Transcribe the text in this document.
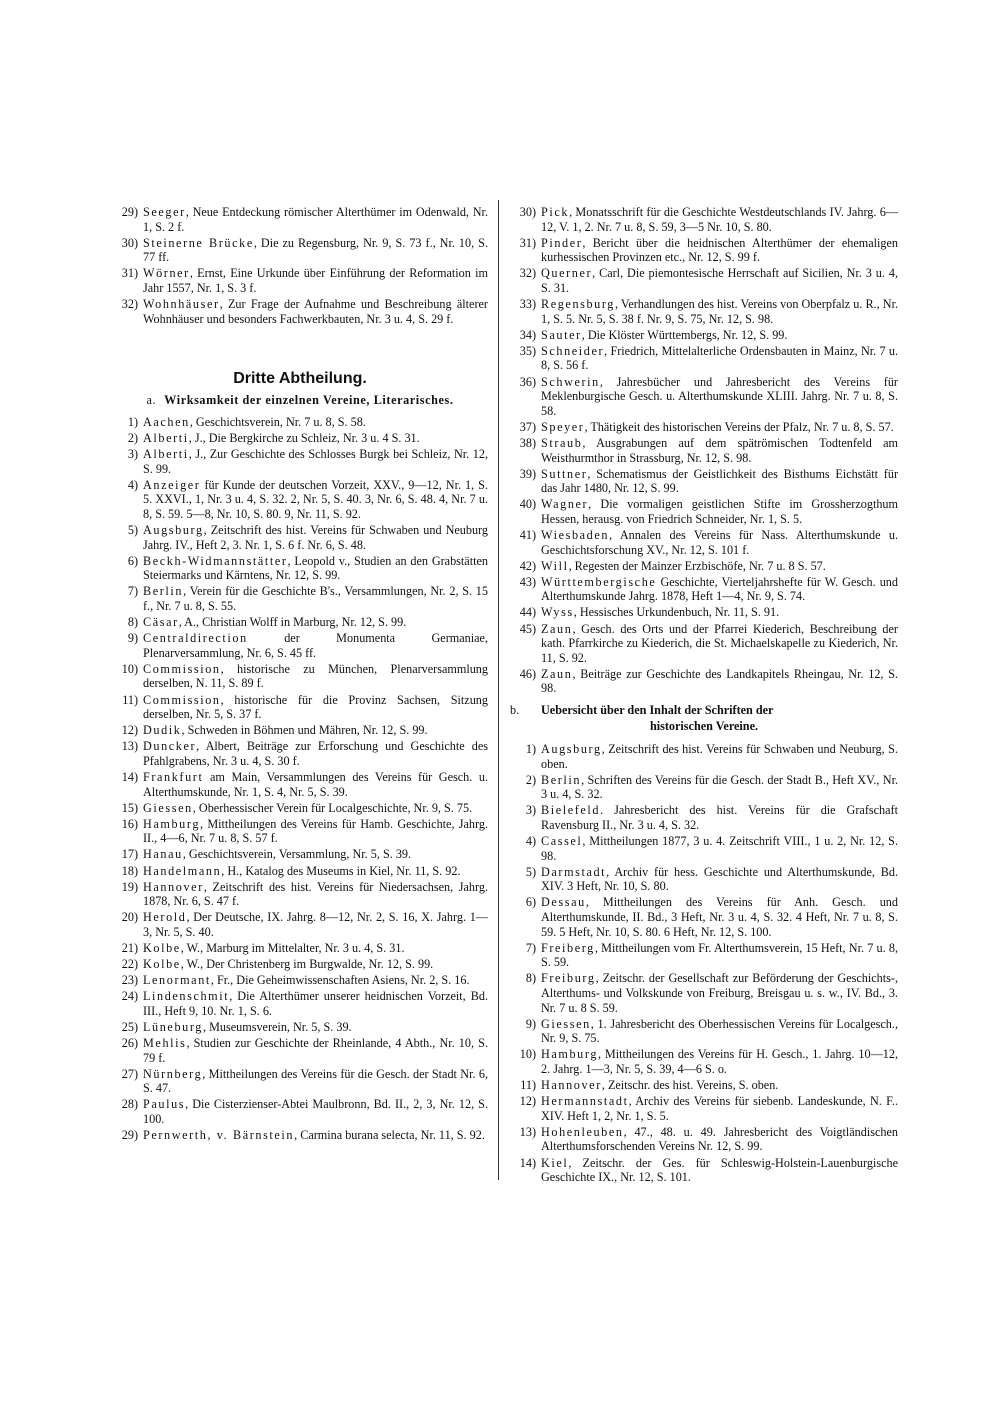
29) Seeger, Neue Entdeckung römischer Alterthümer im Odenwald, Nr. 1, S. 2 f.
30) Steinerne Brücke, Die zu Regensburg, Nr. 9, S. 73 f., Nr. 10, S. 77 ff.
31) Wörner, Ernst, Eine Urkunde über Einführung der Reformation im Jahr 1557, Nr. 1, S. 3 f.
32) Wohnhäuser, Zur Frage der Aufnahme und Beschreibung älterer Wohnhäuser und besonders Fachwerkbauten, Nr. 3 u. 4, S. 29 f.
Dritte Abtheilung.
a. Wirksamkeit der einzelnen Vereine, Literarisches.
1) Aachen, Geschichtsverein, Nr. 7 u. 8, S. 58.
2) Alberti, J., Die Bergkirche zu Schleiz, Nr. 3 u. 4 S. 31.
3) Alberti, J., Zur Geschichte des Schlosses Burgk bei Schleiz, Nr. 12, S. 99.
4) Anzeiger für Kunde der deutschen Vorzeit, XXV., 9—12, Nr. 1, S. 5. XXVI., 1, Nr. 3 u. 4, S. 32. 2, Nr. 5, S. 40. 3, Nr. 6, S. 48. 4, Nr. 7 u. 8, S. 59. 5—8, Nr. 10, S. 80. 9, Nr. 11, S. 92.
5) Augsburg, Zeitschrift des hist. Vereins für Schwaben und Neuburg Jahrg. IV., Heft 2, 3. Nr. 1, S. 6 f. Nr. 6, S. 48.
6) Beckh-Widmannstätter, Leopold v., Studien an den Grabstätten Steiermarks und Kärntens, Nr. 12, S. 99.
7) Berlin, Verein für die Geschichte B's., Versammlungen, Nr. 2, S. 15 f., Nr. 7 u. 8, S. 55.
8) Cäsar, A., Christian Wolff in Marburg, Nr. 12, S. 99.
9) Centraldirection der Monumenta Germaniae, Plenarversammlung, Nr. 6, S. 45 ff.
10) Commission, historische zu München, Plenarversammlung derselben, N. 11, S. 89 f.
11) Commission, historische für die Provinz Sachsen, Sitzung derselben, Nr. 5, S. 37 f.
12) Dudik, Schweden in Böhmen und Mähren, Nr. 12, S. 99.
13) Duncker, Albert, Beiträge zur Erforschung und Geschichte des Pfahlgrabens, Nr. 3 u. 4, S. 30 f.
14) Frankfurt am Main, Versammlungen des Vereins für Gesch. u. Alterthumskunde, Nr. 1, S. 4, Nr. 5, S. 39.
15) Giessen, Oberhessischer Verein für Localgeschichte, Nr. 9, S. 75.
16) Hamburg, Mittheilungen des Vereins für Hamb. Geschichte, Jahrg. II., 4—6, Nr. 7 u. 8, S. 57 f.
17) Hanau, Geschichtsverein, Versammlung, Nr. 5, S. 39.
18) Handelmann, H., Katalog des Museums in Kiel, Nr. 11, S. 92.
19) Hannover, Zeitschrift des hist. Vereins für Niedersachsen, Jahrg. 1878, Nr. 6, S. 47 f.
20) Herold, Der Deutsche, IX. Jahrg. 8—12, Nr. 2, S. 16, X. Jahrg. 1—3, Nr. 5, S. 40.
21) Kolbe, W., Marburg im Mittelalter, Nr. 3 u. 4, S. 31.
22) Kolbe, W., Der Christenberg im Burgwalde, Nr. 12, S. 99.
23) Lenormant, Fr., Die Geheimwissenschaften Asiens, Nr. 2, S. 16.
24) Lindenschmit, Die Alterthümer unserer heidnischen Vorzeit, Bd. III., Heft 9, 10. Nr. 1, S. 6.
25) Lüneburg, Museumsverein, Nr. 5, S. 39.
26) Mehlis, Studien zur Geschichte der Rheinlande, 4 Abth., Nr. 10, S. 79 f.
27) Nürnberg, Mittheilungen des Vereins für die Gesch. der Stadt Nr. 6, S. 47.
28) Paulus, Die Cisterzienser-Abtei Maulbronn, Bd. II., 2, 3, Nr. 12, S. 100.
29) Pernwerth, v. Bärnstein, Carmina burana selecta, Nr. 11, S. 92.
30) Pick, Monatsschrift für die Geschichte Westdeutschlands IV. Jahrg. 6—12, V. 1, 2. Nr. 7 u. 8, S. 59, 3—5 Nr. 10, S. 80.
31) Pinder, Bericht über die heidnischen Alterthümer der ehemaligen kurhessischen Provinzen etc., Nr. 12, S. 99 f.
32) Querner, Carl, Die piemontesische Herrschaft auf Sicilien, Nr. 3 u. 4, S. 31.
33) Regensburg, Verhandlungen des hist. Vereins von Oberpfalz u. R., Nr. 1, S. 5. Nr. 5, S. 38 f. Nr. 9, S. 75, Nr. 12, S. 98.
34) Sauter, Die Klöster Württembergs, Nr. 12, S. 99.
35) Schneider, Friedrich, Mittelalterliche Ordensbauten in Mainz, Nr. 7 u. 8, S. 56 f.
36) Schwerin, Jahresbücher und Jahresbericht des Vereins für Meklenburgische Gesch. u. Alterthumskunde XLIII. Jahrg. Nr. 7 u. 8, S. 58.
37) Speyer, Thätigkeit des historischen Vereins der Pfalz, Nr. 7 u. 8, S. 57.
38) Straub, Ausgrabungen auf dem spätrömischen Todtenfeld am Weisthurmthor in Strassburg, Nr. 12, S. 98.
39) Suttner, Schematismus der Geistlichkeit des Bisthums Eichstätt für das Jahr 1480, Nr. 12, S. 99.
40) Wagner, Die vormaligen geistlichen Stifte im Grossherzogthum Hessen, herausg. von Friedrich Schneider, Nr. 1, S. 5.
41) Wiesbaden, Annalen des Vereins für Nass. Alterthumskunde u. Geschichtsforschung XV., Nr. 12, S. 101 f.
42) Will, Regesten der Mainzer Erzbischöfe, Nr. 7 u. 8 S. 57.
43) Württembergische Geschichte, Vierteljahrshefte für W. Gesch. und Alterthumskunde Jahrg. 1878, Heft 1—4, Nr. 9, S. 74.
44) Wyss, Hessisches Urkundenbuch, Nr. 11, S. 91.
45) Zaun, Gesch. des Orts und der Pfarrei Kiederich, Beschreibung der kath. Pfarrkirche zu Kiederich, die St. Michaelskapelle zu Kiederich, Nr. 11, S. 92.
46) Zaun, Beiträge zur Geschichte des Landkapitels Rheingau, Nr. 12, S. 98.
b.	Uebersicht über den Inhalt der Schriften der
historischen Vereine.
1) Augsburg, Zeitschrift des hist. Vereins für Schwaben und Neuburg, S. oben.
2) Berlin, Schriften des Vereins für die Gesch. der Stadt B., Heft XV., Nr. 3 u. 4, S. 32.
3) Bielefeld. Jahresbericht des hist. Vereins für die Grafschaft Ravensburg II., Nr. 3 u. 4, S. 32.
4) Cassel, Mittheilungen 1877, 3 u. 4. Zeitschrift VIII., 1 u. 2, Nr. 12, S. 98.
5) Darmstadt, Archiv für hess. Geschichte und Alterthumskunde, Bd. XIV. 3 Heft, Nr. 10, S. 80.
6) Dessau, Mittheilungen des Vereins für Anh. Gesch. und Alterthumskunde, II. Bd., 3 Heft, Nr. 3 u. 4, S. 32. 4 Heft, Nr. 7 u. 8, S. 59. 5 Heft, Nr. 10, S. 80. 6 Heft, Nr. 12, S. 100.
7) Freiberg, Mittheilungen vom Fr. Alterthumsverein, 15 Heft, Nr. 7 u. 8, S. 59.
8) Freiburg, Zeitschr. der Gesellschaft zur Beförderung der Geschichts-, Alterthums- und Volkskunde von Freiburg, Breisgau u. s. w., IV. Bd., 3. Nr. 7 u. 8 S. 59.
9) Giessen, 1. Jahresbericht des Oberhessischen Vereins für Localgesch., Nr. 9, S. 75.
10) Hamburg, Mittheilungen des Vereins für H. Gesch., 1. Jahrg. 10—12, 2. Jahrg. 1—3, Nr. 5, S. 39, 4—6 S. o.
11) Hannover, Zeitschr. des hist. Vereins, S. oben.
12) Hermannstadt, Archiv des Vereins für siebenb. Landeskunde, N. F.. XIV. Heft 1, 2, Nr. 1, S. 5.
13) Hohenleuben, 47., 48. u. 49. Jahresbericht des Voigtländischen Alterthumsforschenden Vereins Nr. 12, S. 99.
14) Kiel, Zeitschr. der Ges. für Schleswig-Holstein-Lauenburgische Geschichte IX., Nr. 12, S. 101.
